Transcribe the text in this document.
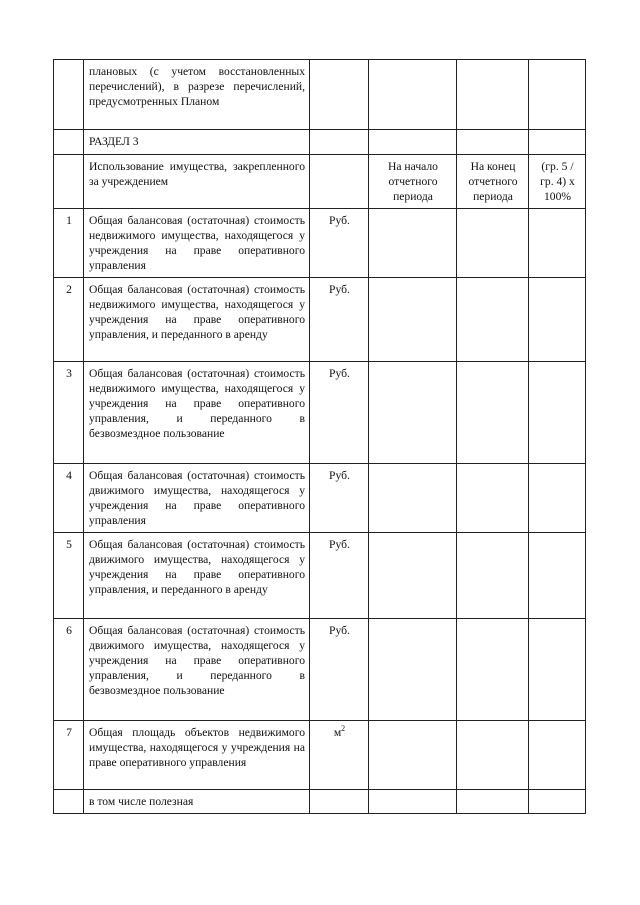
	плановых (с учетом восстановленных перечислений), в разрезе перечислений, предусмотренных Планом				
	РАЗДЕЛ 3				
	Использование имущества, закрепленного за учреждением		На начало отчетного периода	На конец отчетного периода	(гр. 5 / гр. 4) x 100%
1	Общая балансовая (остаточная) стоимость недвижимого имущества, находящегося у учреждения на праве оперативного управления	Руб.			
2	Общая балансовая (остаточная) стоимость недвижимого имущества, находящегося у учреждения на праве оперативного управления, и переданного в аренду	Руб.			
3	Общая балансовая (остаточная) стоимость недвижимого имущества, находящегося у учреждения на праве оперативного управления, и переданного в безвозмездное пользование	Руб.			
4	Общая балансовая (остаточная) стоимость движимого имущества, находящегося у учреждения на праве оперативного управления	Руб.			
5	Общая балансовая (остаточная) стоимость движимого имущества, находящегося у учреждения на праве оперативного управления, и переданного в аренду	Руб.			
6	Общая балансовая (остаточная) стоимость движимого имущества, находящегося у учреждения на праве оперативного управления, и переданного в безвозмездное пользование	Руб.			
7	Общая площадь объектов недвижимого имущества, находящегося у учреждения на праве оперативного управления	$м^2$			
	в том числе полезная				
